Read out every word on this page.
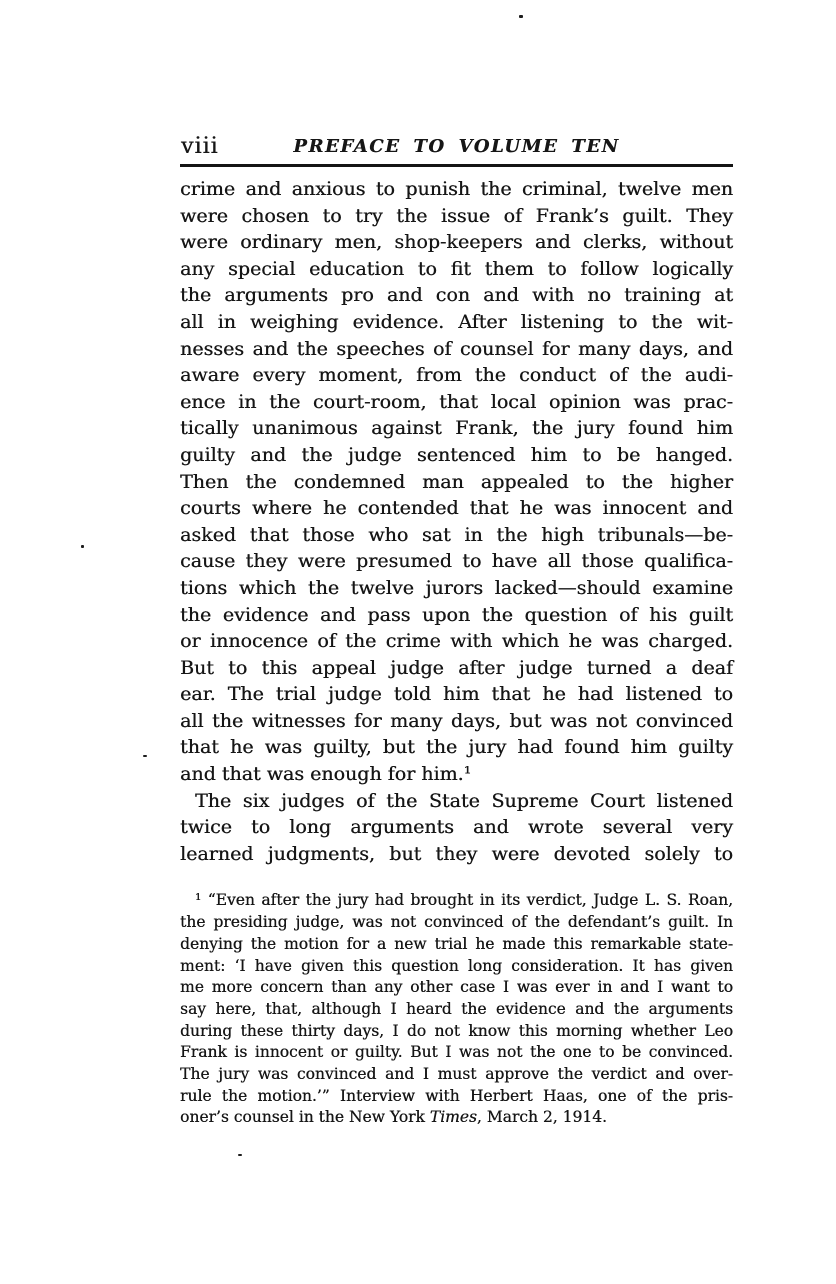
viii	PREFACE TO VOLUME TEN
crime and anxious to punish the criminal, twelve men
were chosen to try the issue of Frank’s guilt. They
were ordinary men, shop-keepers and clerks, without
any special education to fit them to follow logically
the arguments pro and con and with no training at
all in weighing evidence. After listening to the wit-
nesses and the speeches of counsel for many days, and
aware every moment, from the conduct of the audi-
ence in the court-room, that local opinion was prac-
tically unanimous against Frank, the jury found him
guilty and the judge sentenced him to be hanged.
Then the condemned man appealed to the higher
courts where he contended that he was innocent and
asked that those who sat in the high tribunals—be-
cause they were presumed to have all those qualifica-
tions which the twelve jurors lacked—should examine
the evidence and pass upon the question of his guilt
or innocence of the crime with which he was charged.
But to this appeal judge after judge turned a deaf
ear. The trial judge told him that he had listened to
all the witnesses for many days, but was not convinced
that he was guilty, but the jury had found him guilty
and that was enough for him.¹
The six judges of the State Supreme Court listened
twice to long arguments and wrote several very
learned judgments, but they were devoted solely to
¹ “Even after the jury had brought in its verdict, Judge L. S. Roan,
the presiding judge, was not convinced of the defendant’s guilt. In
denying the motion for a new trial he made this remarkable state-
ment: ‘I have given this question long consideration. It has given
me more concern than any other case I was ever in and I want to
say here, that, although I heard the evidence and the arguments
during these thirty days, I do not know this morning whether Leo
Frank is innocent or guilty. But I was not the one to be convinced.
The jury was convinced and I must approve the verdict and over-
rule the motion.’” Interview with Herbert Haas, one of the pris-
oner’s counsel in the New York Times, March 2, 1914.
